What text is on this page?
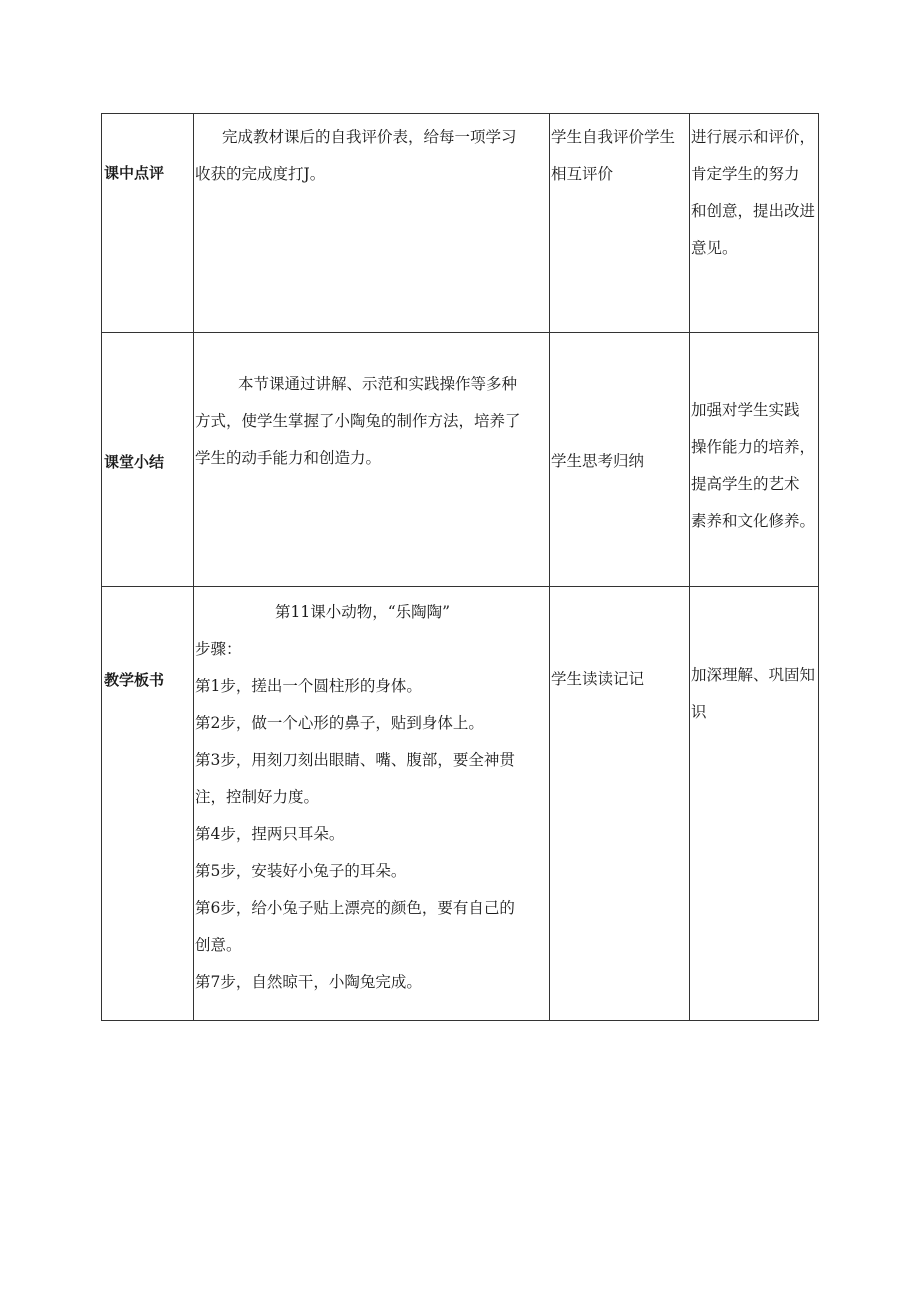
课中点评
完成教材课后的自我评价表，给每一项学习
收获的完成度打J。
学生自我评价学生
相互评价
进行展示和评价，
肯定学生的努力
和创意，提出改进
意见。
课堂小结
本节课通过讲解、示范和实践操作等多种
方式，使学生掌握了小陶兔的制作方法，培养了
学生的动手能力和创造力。	学生思考归纳
加强对学生实践
操作能力的培养，
提高学生的艺术
素养和文化修养。
教学板书
第11课小动物，“乐陶陶”
步骤：
第1步，搓出一个圆柱形的身体。
第2步，做一个心形的鼻子，贴到身体上。
第3步，用刻刀刻出眼睛、嘴、腹部，要全神贯
注，控制好力度。
第4步，捏两只耳朵。
第5步，安装好小兔子的耳朵。
第6步，给小兔子贴上漂亮的颜色，要有自己的
创意。
第7步，自然晾干，小陶兔完成。
学生读读记记	加深理解、巩固知
识
